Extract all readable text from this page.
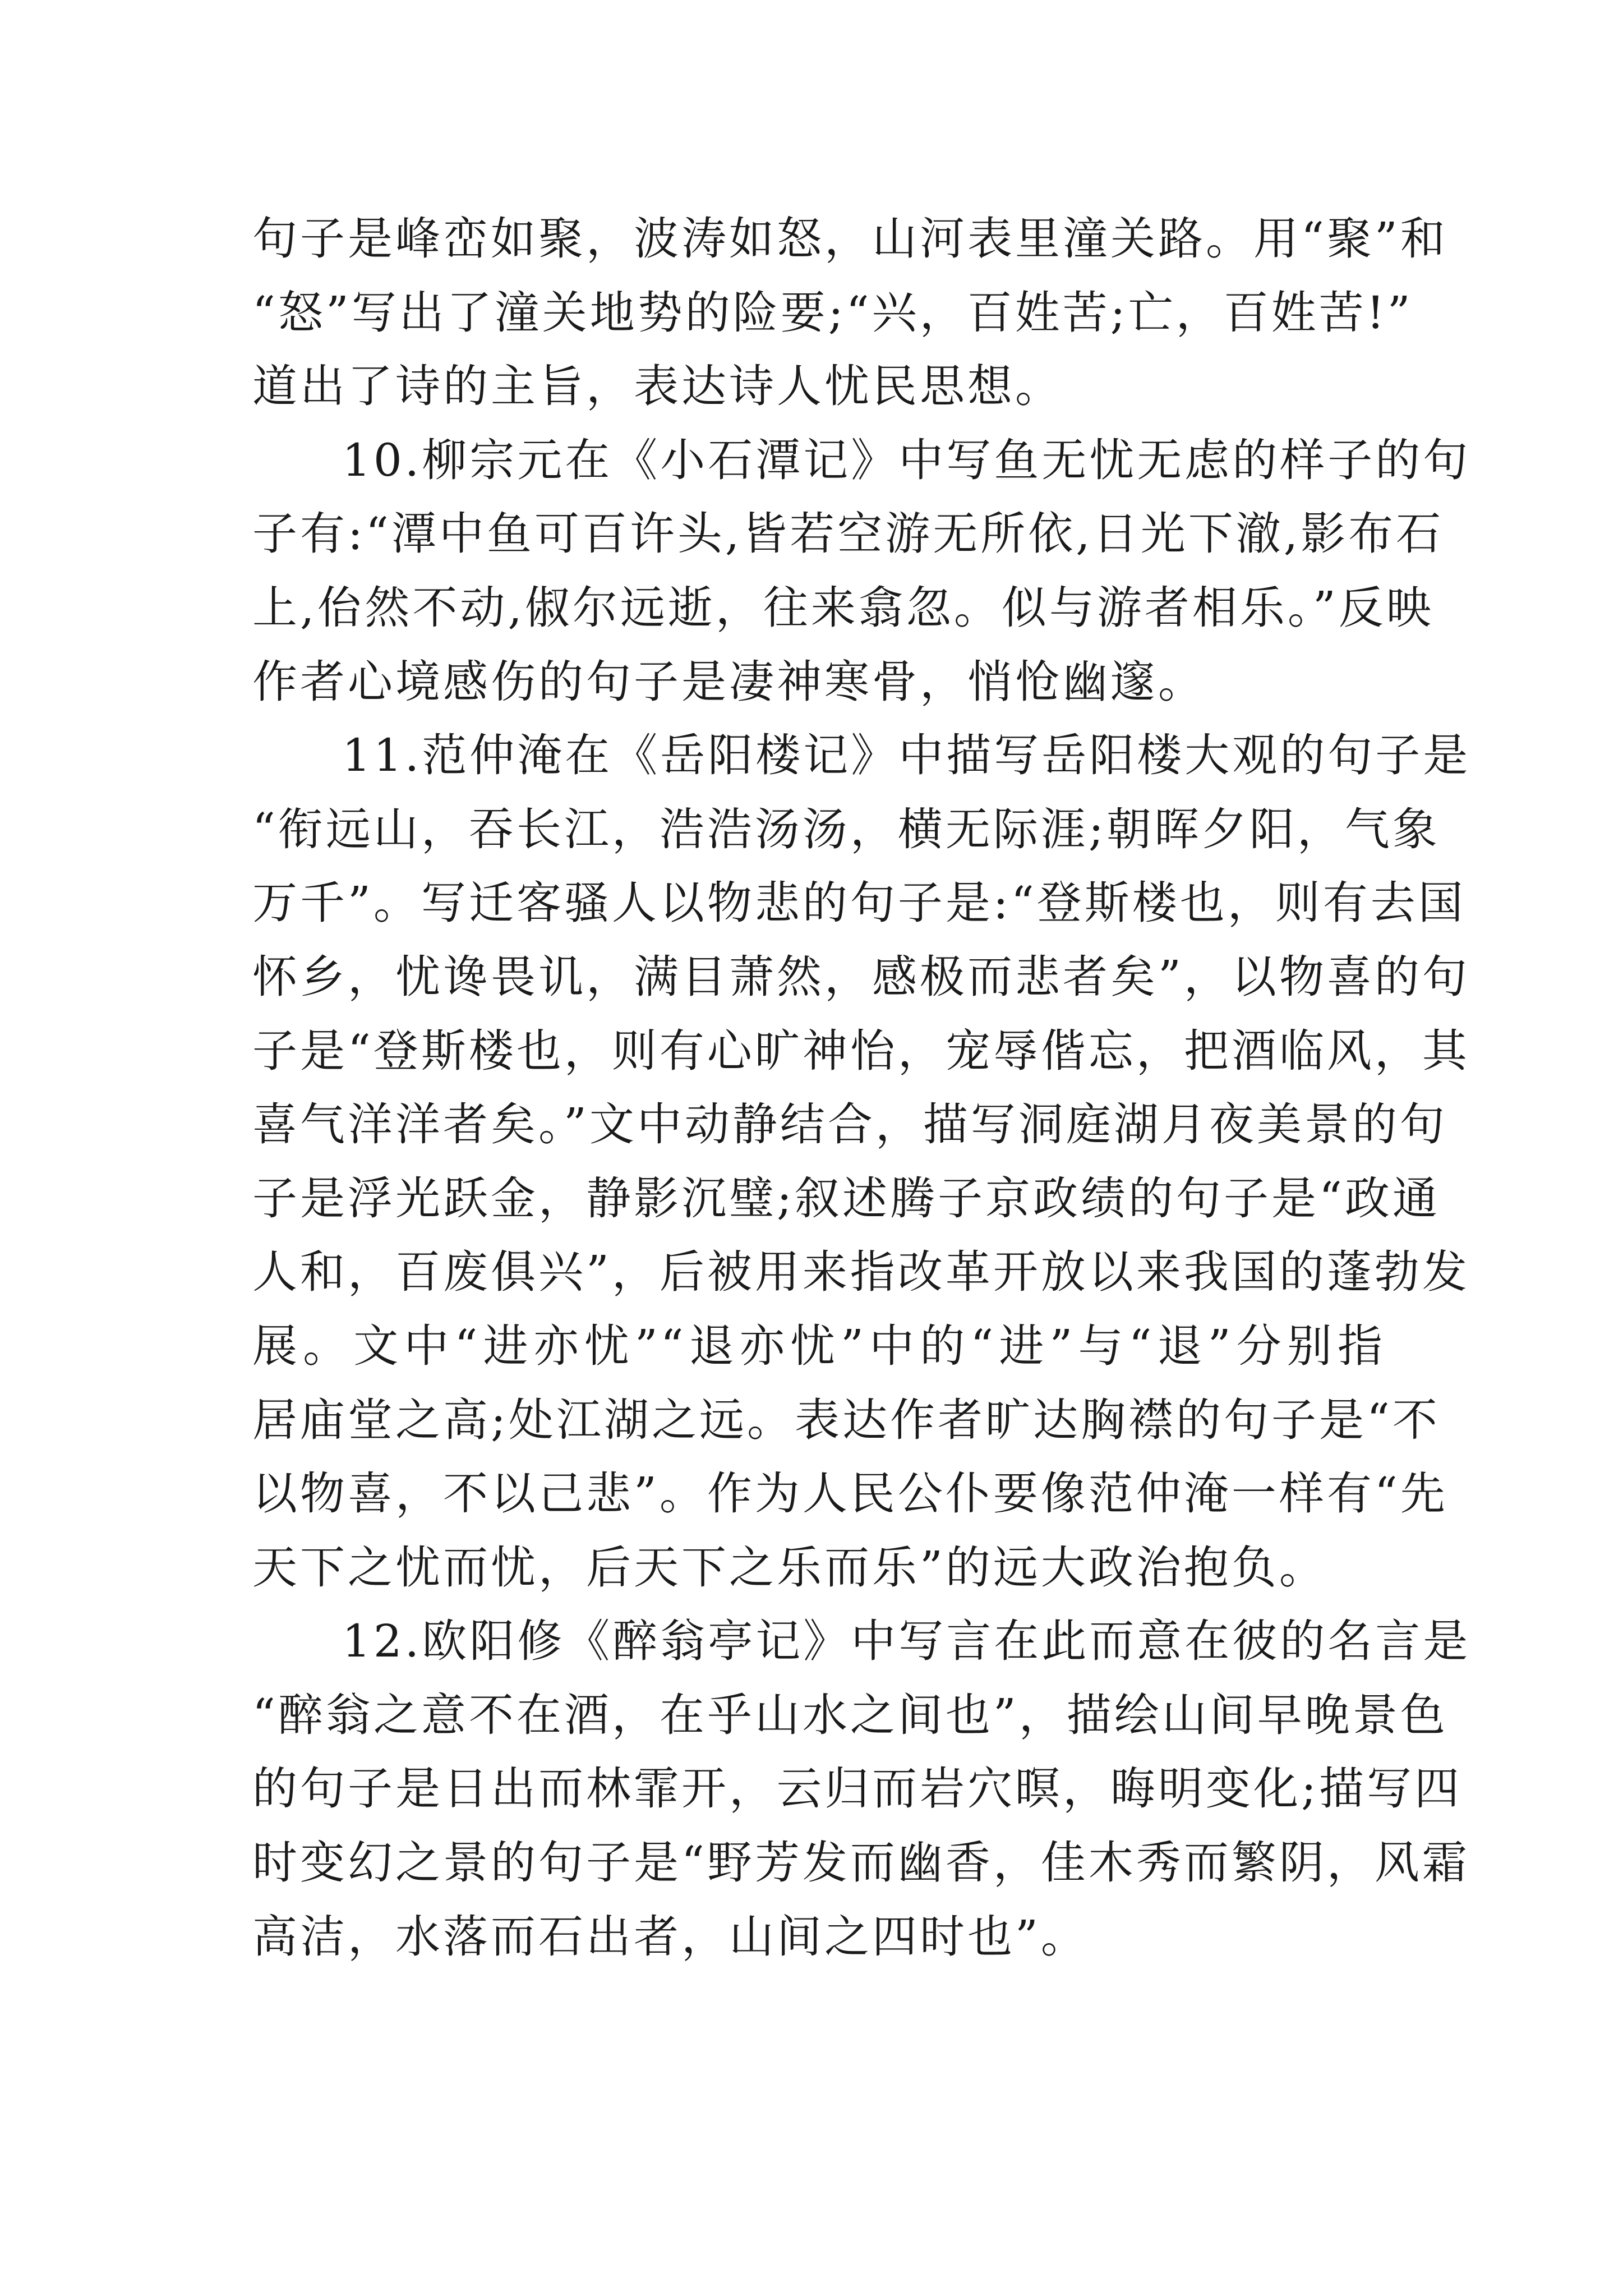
句子是峰峦如聚，波涛如怒，山河表里潼关路。用“聚”和
“怒”写出了潼关地势的险要;“兴，百姓苦;亡，百姓苦!”
道出了诗的主旨，表达诗人忧民思想。
10.柳宗元在《小石潭记》中写鱼无忧无虑的样子的句
子有:“潭中鱼可百许头,皆若空游无所依,日光下澈,影布石
上,佁然不动,俶尔远逝，往来翕忽。似与游者相乐。”反映
作者心境感伤的句子是凄神寒骨，悄怆幽邃。
11.范仲淹在《岳阳楼记》中描写岳阳楼大观的句子是
“衔远山，吞长江，浩浩汤汤，横无际涯;朝晖夕阳，气象
万千”。写迁客骚人以物悲的句子是:“登斯楼也，则有去国
怀乡，忧谗畏讥，满目萧然，感极而悲者矣”，以物喜的句
子是“登斯楼也，则有心旷神怡，宠辱偕忘，把酒临风，其
喜气洋洋者矣。”文中动静结合，描写洞庭湖月夜美景的句
子是浮光跃金，静影沉璧;叙述腾子京政绩的句子是“政通
人和，百废俱兴”，后被用来指改革开放以来我国的蓬勃发
展。文中“进亦忧”“退亦忧”中的“进”与“退”分别指
居庙堂之高;处江湖之远。表达作者旷达胸襟的句子是“不
以物喜，不以己悲”。作为人民公仆要像范仲淹一样有“先
天下之忧而忧，后天下之乐而乐”的远大政治抱负。
12.欧阳修《醉翁亭记》中写言在此而意在彼的名言是
“醉翁之意不在酒，在乎山水之间也”，描绘山间早晚景色
的句子是日出而林霏开，云归而岩穴暝，晦明变化;描写四
时变幻之景的句子是“野芳发而幽香，佳木秀而繁阴，风霜
高洁，水落而石出者，山间之四时也”。
